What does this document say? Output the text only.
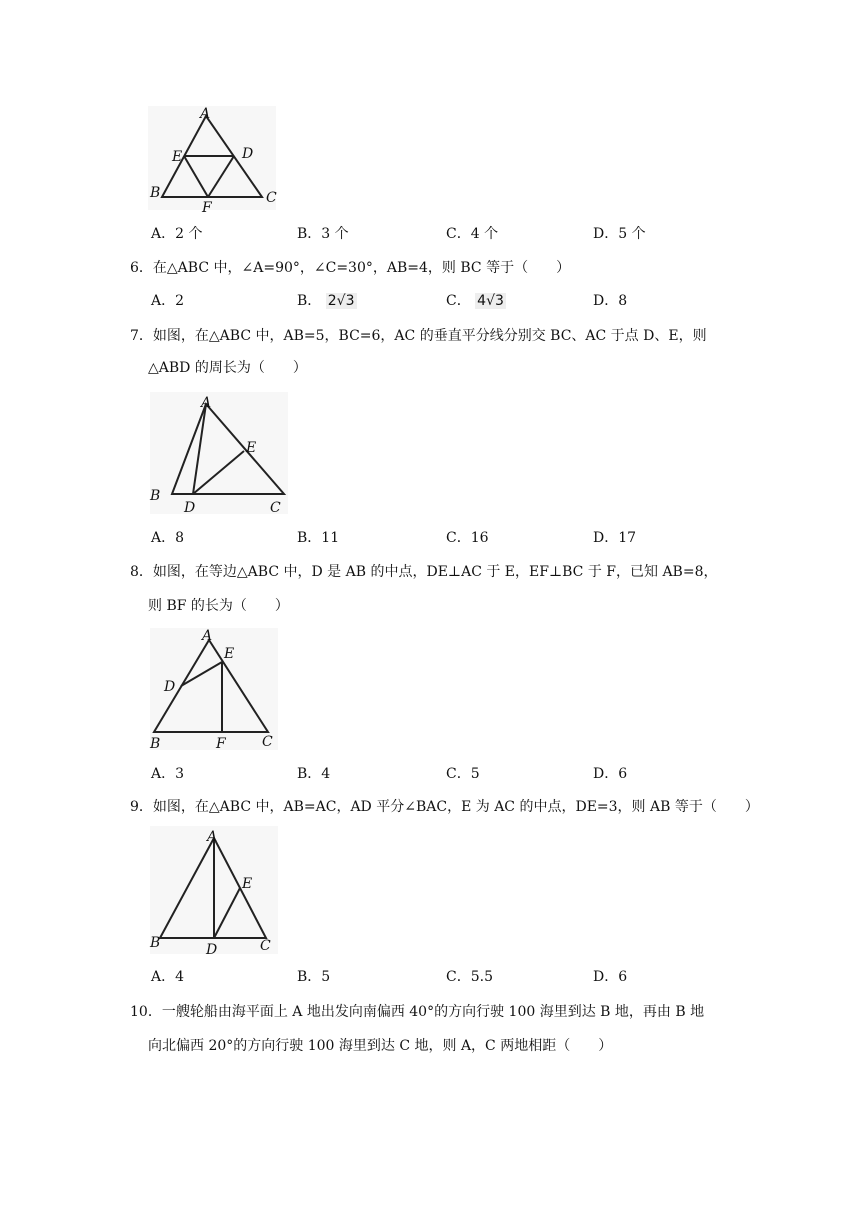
A
E	D
B
F
C
A．2 个	B．3 个	C．4 个	D．5 个
6．在△ABC 中，∠A=90°，∠C=30°，AB=4，则 BC 等于（　　）
A．2	B． 2√3	C． 4√3	D．8
7．如图，在△ABC 中，AB=5，BC=6，AC 的垂直平分线分别交 BC、AC 于点 D、E，则
△ABD 的周长为（　　）
A
E
B
D	C
A．8	B．11	C．16	D．17
8．如图，在等边△ABC 中，D 是 AB 的中点，DE⊥AC 于 E，EF⊥BC 于 F，已知 AB=8，
则 BF 的长为（　　）
A
E
D
B	F	C
A．3	B．4	C．5	D．6
9．如图，在△ABC 中，AB=AC，AD 平分∠BAC，E 为 AC 的中点，DE=3，则 AB 等于（　　）
A
E
B	D	C
A．4	B．5	C．5.5	D．6
10．一艘轮船由海平面上 A 地出发向南偏西 40°的方向行驶 100 海里到达 B 地，再由 B 地
向北偏西 20°的方向行驶 100 海里到达 C 地，则 A，C 两地相距（　　）
